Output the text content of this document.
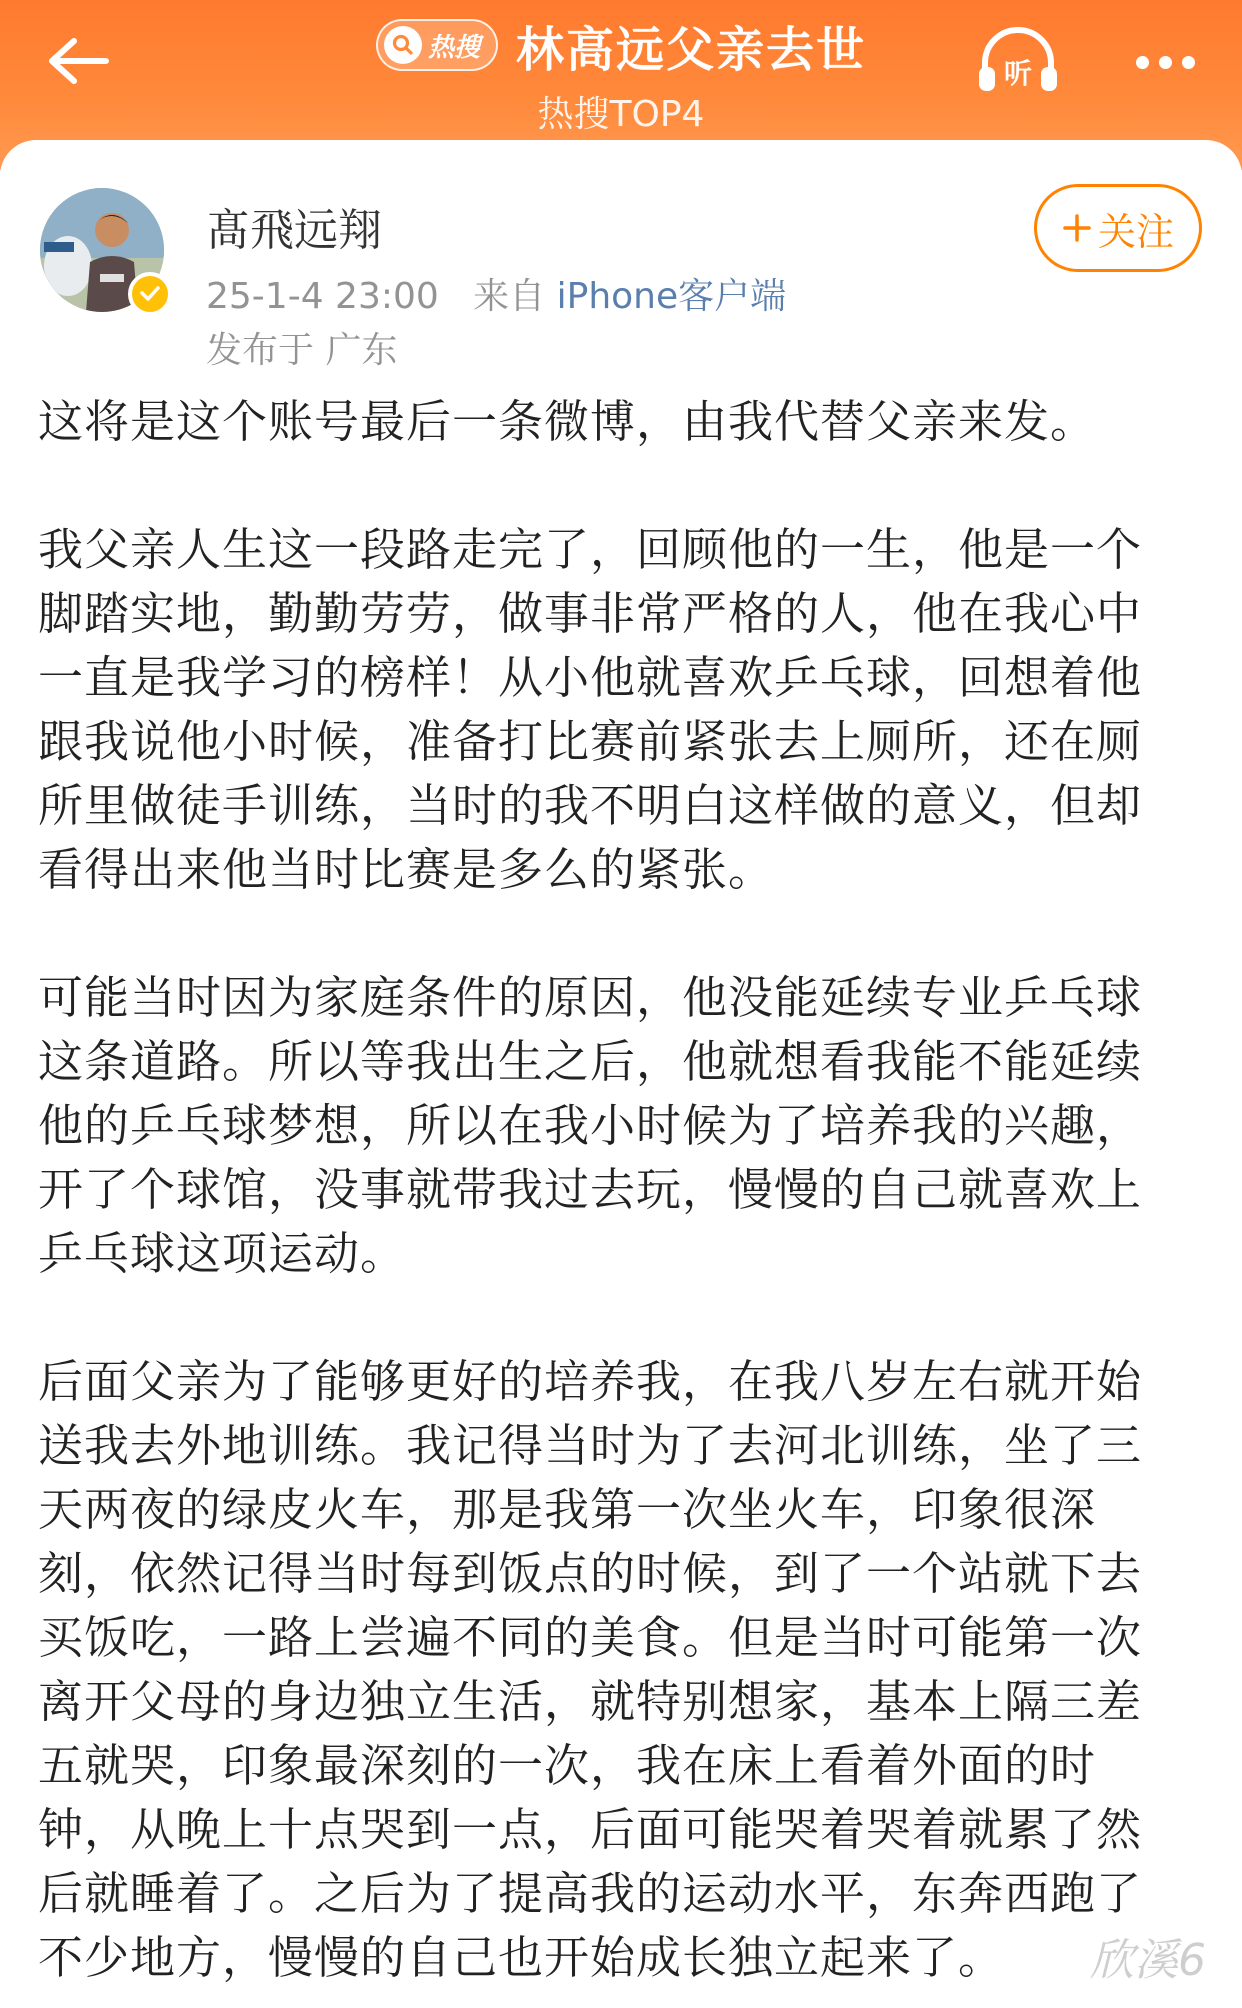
热搜 林高远父亲去世
热搜TOP4
听
髙飛远翔
25-1-4 23:00 来自 iPhone客户端
发布于 广东
关注

这将是这个账号最后一条微博，由我代替父亲来发。

我父亲人生这一段路走完了，回顾他的一生，他是一个
脚踏实地，勤勤劳劳，做事非常严格的人，他在我心中
一直是我学习的榜样！从小他就喜欢乒乓球，回想着他
跟我说他小时候，准备打比赛前紧张去上厕所，还在厕
所里做徒手训练，当时的我不明白这样做的意义，但却
看得出来他当时比赛是多么的紧张。

可能当时因为家庭条件的原因，他没能延续专业乒乓球
这条道路。所以等我出生之后，他就想看我能不能延续
他的乒乓球梦想，所以在我小时候为了培养我的兴趣，
开了个球馆，没事就带我过去玩，慢慢的自己就喜欢上
乒乓球这项运动。

后面父亲为了能够更好的培养我，在我八岁左右就开始
送我去外地训练。我记得当时为了去河北训练，坐了三
天两夜的绿皮火车，那是我第一次坐火车，印象很深
刻，依然记得当时每到饭点的时候，到了一个站就下去
买饭吃，一路上尝遍不同的美食。但是当时可能第一次
离开父母的身边独立生活，就特别想家，基本上隔三差
五就哭，印象最深刻的一次，我在床上看着外面的时
钟，从晚上十点哭到一点，后面可能哭着哭着就累了然
后就睡着了。之后为了提高我的运动水平，东奔西跑了
不少地方，慢慢的自己也开始成长独立起来了。	欣溪6
